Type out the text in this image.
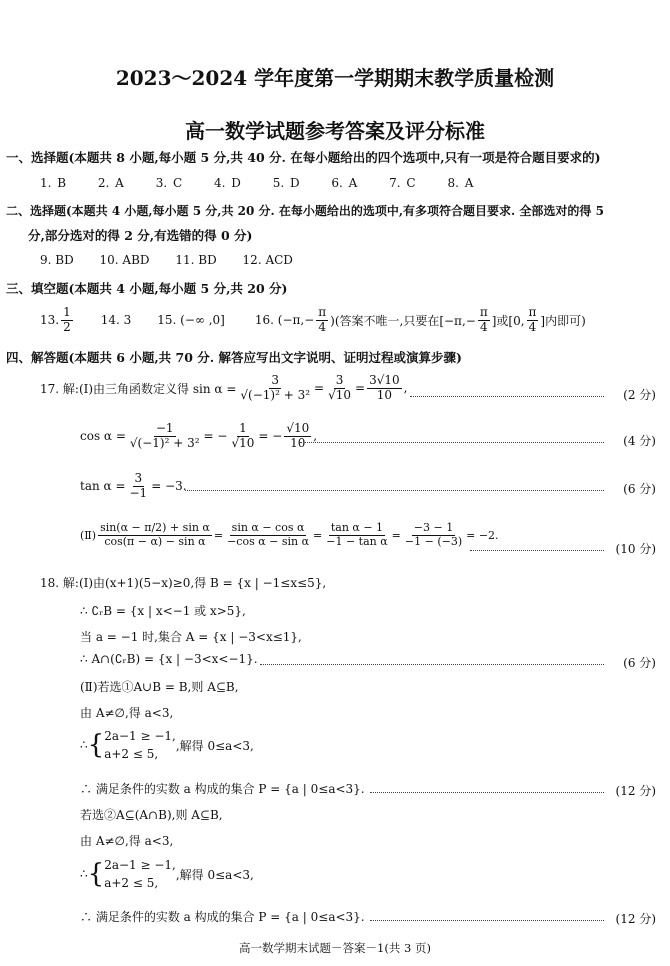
2023～2024 学年度第一学期期末教学质量检测
高一数学试题参考答案及评分标准
一、选择题(本题共 8 小题,每小题 5 分,共 40 分. 在每小题给出的四个选项中,只有一项是符合题目要求的)
1. B	2. A	3. C	4. D	5. D	6. A	7. C	8. A
二、选择题(本题共 4 小题,每小题 5 分,共 20 分. 在每小题给出的选项中,有多项符合题目要求. 全部选对的得 5
分,部分选对的得 2 分,有选错的得 0 分)
9. BD 10. ABD 11. BD 12. ACD
三、填空题(本题共 4 小题,每小题 5 分,共 20 分)
13. $\frac{1}{2} 14$. 3 15. (−∞ ,0]	16. ($-\pi,- \frac{\pi}{4}$ )(答案不唯一,只要在[$-\pi,- \frac{\pi}{4}$ ]或[0, $\frac{\pi}{4}$ ]内即可)
四、解答题(本题共 6 小题,共 70 分. 解答应写出文字说明、证明过程或演算步骤)
17. 解:(Ⅰ)由三角函数定义得 $\sin \alpha = \frac{3}{\text{√(−1)² + 3²}} = \frac{3}{√10} = \frac{3√10}{10}$ ,	(2 分)
$\cos \alpha = \frac{-1}{\text{√(−1)² + 3²}}$ = − $\frac{1}{√10}$ = − $\frac{√10}{10}$ ,	(4 分)
$\tan \alpha = \frac{3}{-1} = -3$.	(6 分)
(Ⅱ) $\frac{\text{sin(α − π/2) + sin α}}{\text{cos(π − α) − sin α}} = \frac{\text{sin α − cos α}}{\text{−cos α − sin α}} = \frac{\text{tan α − 1}}{\text{−1 − tan α}} = \frac{-3 - 1}{-1 - (-3)} = -2$.
(10 分)
18. 解:(Ⅰ)由(x+1)(5−x)≥0,得 B = {x | −1≤x≤5},
∴ ∁ᵣB = {x | x<−1 或 x>5},
当 a = −1 时,集合 A = {x | −3<x≤1},
∴ A∩(∁ᵣB) = {x | −3<x<−1}.	(6 分)
(Ⅱ)若选①A∪B = B,则 A⊆B,
由 A≠∅,得 a<3,
∴ { 2a−1 ≥ −1,
a+2 ≤ 5,
,解得 0≤a<3,
∴ 满足条件的实数 a 构成的集合 P = {a | 0≤a<3}.	(12 分)
若选②A⊆(A∩B),则 A⊆B,
由 A≠∅,得 a<3,
∴ { 2a−1 ≥ −1,
a+2 ≤ 5,
,解得 0≤a<3,
∴ 满足条件的实数 a 构成的集合 P = {a | 0≤a<3}.	(12 分)
高一数学期末试题－答案－1(共 3 页)
